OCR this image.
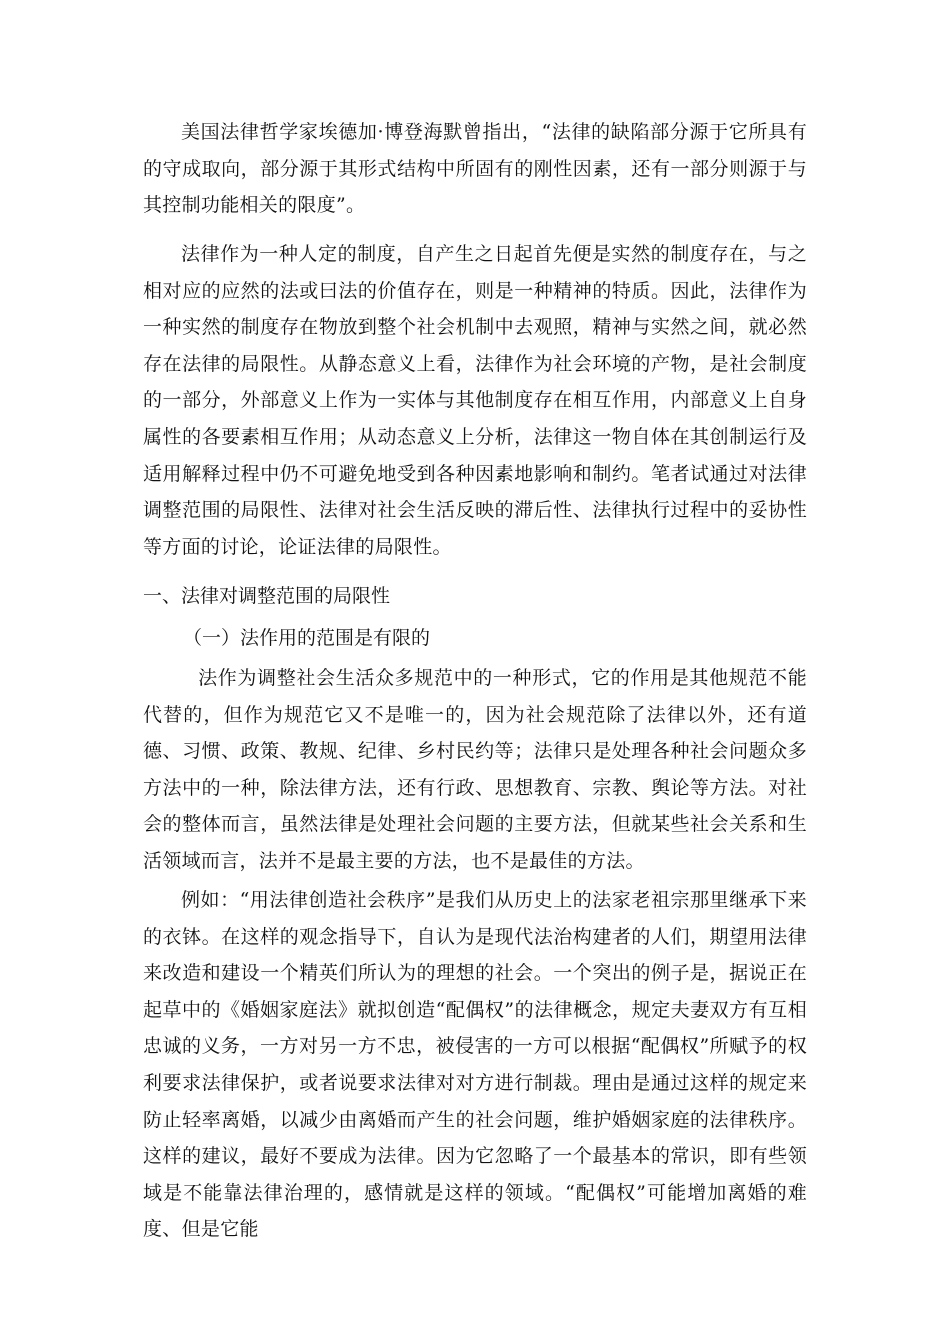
美国法律哲学家埃德加·博登海默曾指出，“法律的缺陷部分源于它所具有的守成取向，部分源于其形式结构中所固有的刚性因素，还有一部分则源于与其控制功能相关的限度”。

法律作为一种人定的制度，自产生之日起首先便是实然的制度存在，与之相对应的应然的法或曰法的价值存在，则是一种精神的特质。因此，法律作为一种实然的制度存在物放到整个社会机制中去观照，精神与实然之间，就必然存在法律的局限性。从静态意义上看，法律作为社会环境的产物，是社会制度的一部分，外部意义上作为一实体与其他制度存在相互作用，内部意义上自身属性的各要素相互作用；从动态意义上分析，法律这一物自体在其创制运行及适用解释过程中仍不可避免地受到各种因素地影响和制约。笔者试通过对法律调整范围的局限性、法律对社会生活反映的滞后性、法律执行过程中的妥协性等方面的讨论，论证法律的局限性。

一、法律对调整范围的局限性

（一）法作用的范围是有限的

法作为调整社会生活众多规范中的一种形式，它的作用是其他规范不能代替的，但作为规范它又不是唯一的，因为社会规范除了法律以外，还有道德、习惯、政策、教规、纪律、乡村民约等；法律只是处理各种社会问题众多方法中的一种，除法律方法，还有行政、思想教育、宗教、舆论等方法。对社会的整体而言，虽然法律是处理社会问题的主要方法，但就某些社会关系和生活领域而言，法并不是最主要的方法，也不是最佳的方法。

例如：“用法律创造社会秩序”是我们从历史上的法家老祖宗那里继承下来的衣钵。在这样的观念指导下，自认为是现代法治构建者的人们，期望用法律来改造和建设一个精英们所认为的理想的社会。一个突出的例子是，据说正在起草中的《婚姻家庭法》就拟创造“配偶权”的法律概念，规定夫妻双方有互相忠诚的义务，一方对另一方不忠，被侵害的一方可以根据“配偶权”所赋予的权利要求法律保护，或者说要求法律对对方进行制裁。理由是通过这样的规定来防止轻率离婚，以减少由离婚而产生的社会问题，维护婚姻家庭的法律秩序。这样的建议，最好不要成为法律。因为它忽略了一个最基本的常识，即有些领域是不能靠法律治理的，感情就是这样的领域。“配偶权”可能增加离婚的难度、但是它能
